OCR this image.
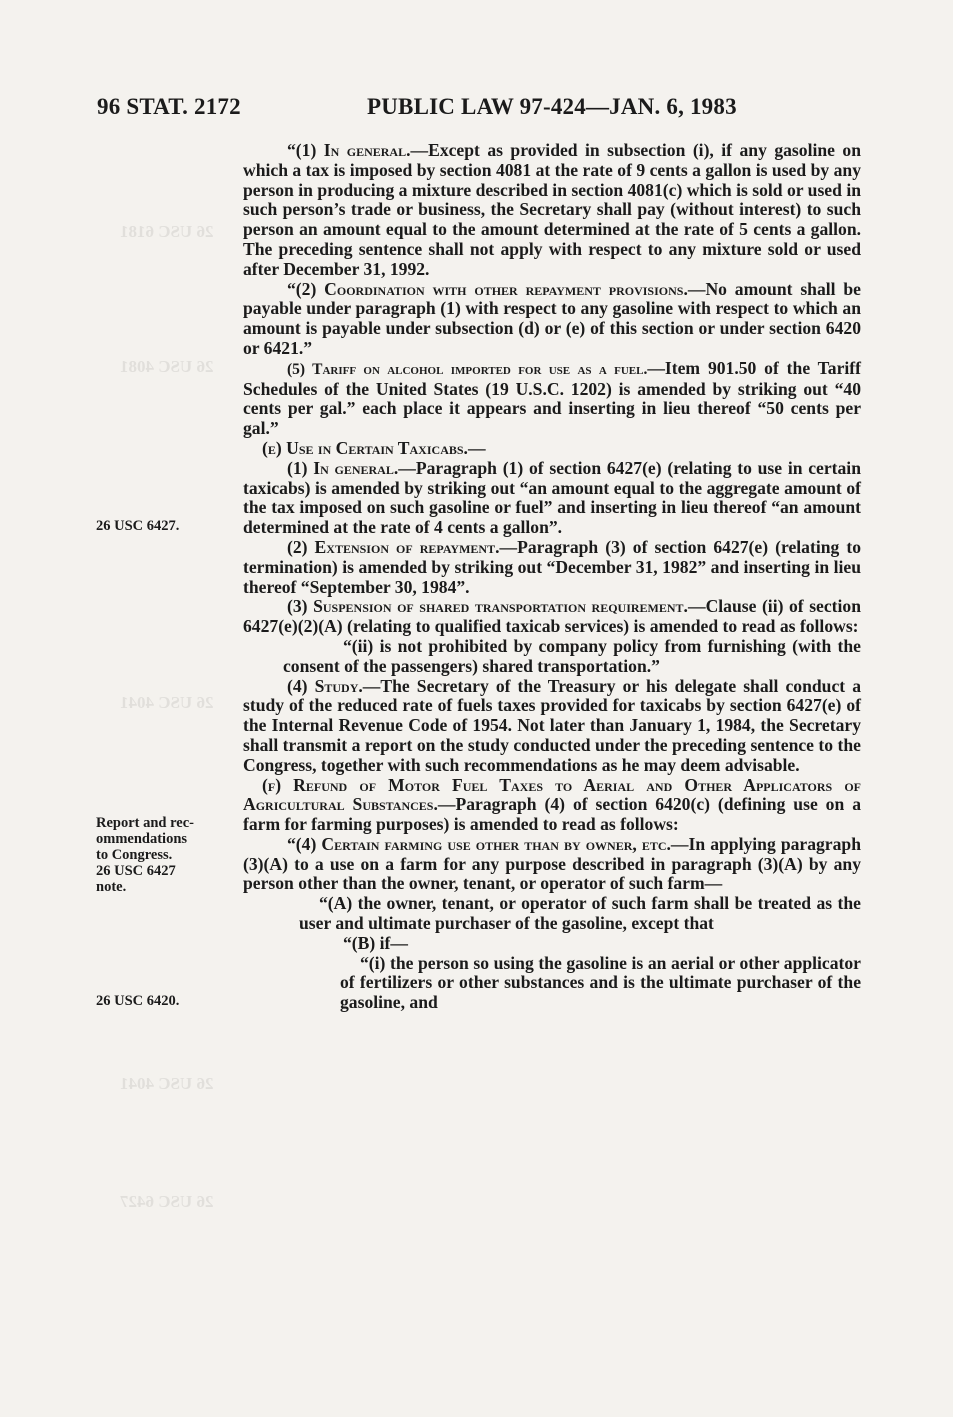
26 USC 6181
26 USC 4081
26 USC 4041
26 USC 4041
26 USC 6427
96 STAT. 2172	PUBLIC LAW 97-424—JAN. 6, 1983
26 USC 6427.
Report and rec-
ommendations
to Congress.
26 USC 6427
note.
26 USC 6420.

“(1) In general.—Except as provided in subsection (i), if any gasoline on which a tax is imposed by section 4081 at the rate of 9 cents a gallon is used by any person in producing a mixture described in section 4081(c) which is sold or used in such person’s trade or business, the Secretary shall pay (without interest) to such person an amount equal to the amount determined at the rate of 5 cents a gallon. The preceding sentence shall not apply with respect to any mixture sold or used after December 31, 1992.

“(2) Coordination with other repayment provisions.—No amount shall be payable under paragraph (1) with respect to any gasoline with respect to which an amount is payable under subsection (d) or (e) of this section or under section 6420 or 6421.”

(5) Tariff on alcohol imported for use as a fuel.—Item 901.50 of the Tariff Schedules of the United States (19 U.S.C. 1202) is amended by striking out “40 cents per gal.” each place it appears and inserting in lieu thereof “50 cents per gal.”

(e) Use in Certain Taxicabs.—

(1) In general.—Paragraph (1) of section 6427(e) (relating to use in certain taxicabs) is amended by striking out “an amount equal to the aggregate amount of the tax imposed on such gasoline or fuel” and inserting in lieu thereof “an amount determined at the rate of 4 cents a gallon”.

(2) Extension of repayment.—Paragraph (3) of section 6427(e) (relating to termination) is amended by striking out “December 31, 1982” and inserting in lieu thereof “September 30, 1984”.

(3) Suspension of shared transportation requirement.—Clause (ii) of section 6427(e)(2)(A) (relating to qualified taxicab services) is amended to read as follows:

“(ii) is not prohibited by company policy from furnishing (with the consent of the passengers) shared transportation.”

(4) Study.—The Secretary of the Treasury or his delegate shall conduct a study of the reduced rate of fuels taxes provided for taxicabs by section 6427(e) of the Internal Revenue Code of 1954. Not later than January 1, 1984, the Secretary shall transmit a report on the study conducted under the preceding sentence to the Congress, together with such recommendations as he may deem advisable.

(f) Refund of Motor Fuel Taxes to Aerial and Other Applicators of Agricultural Substances.—Paragraph (4) of section 6420(c) (defining use on a farm for farming purposes) is amended to read as follows:

“(4) Certain farming use other than by owner, etc.—In applying paragraph (3)(A) to a use on a farm for any purpose described in paragraph (3)(A) by any person other than the owner, tenant, or operator of such farm—

“(A) the owner, tenant, or operator of such farm shall be treated as the user and ultimate purchaser of the gasoline, except that

“(B) if—

“(i) the person so using the gasoline is an aerial or other applicator of fertilizers or other substances and is the ultimate purchaser of the gasoline, and
